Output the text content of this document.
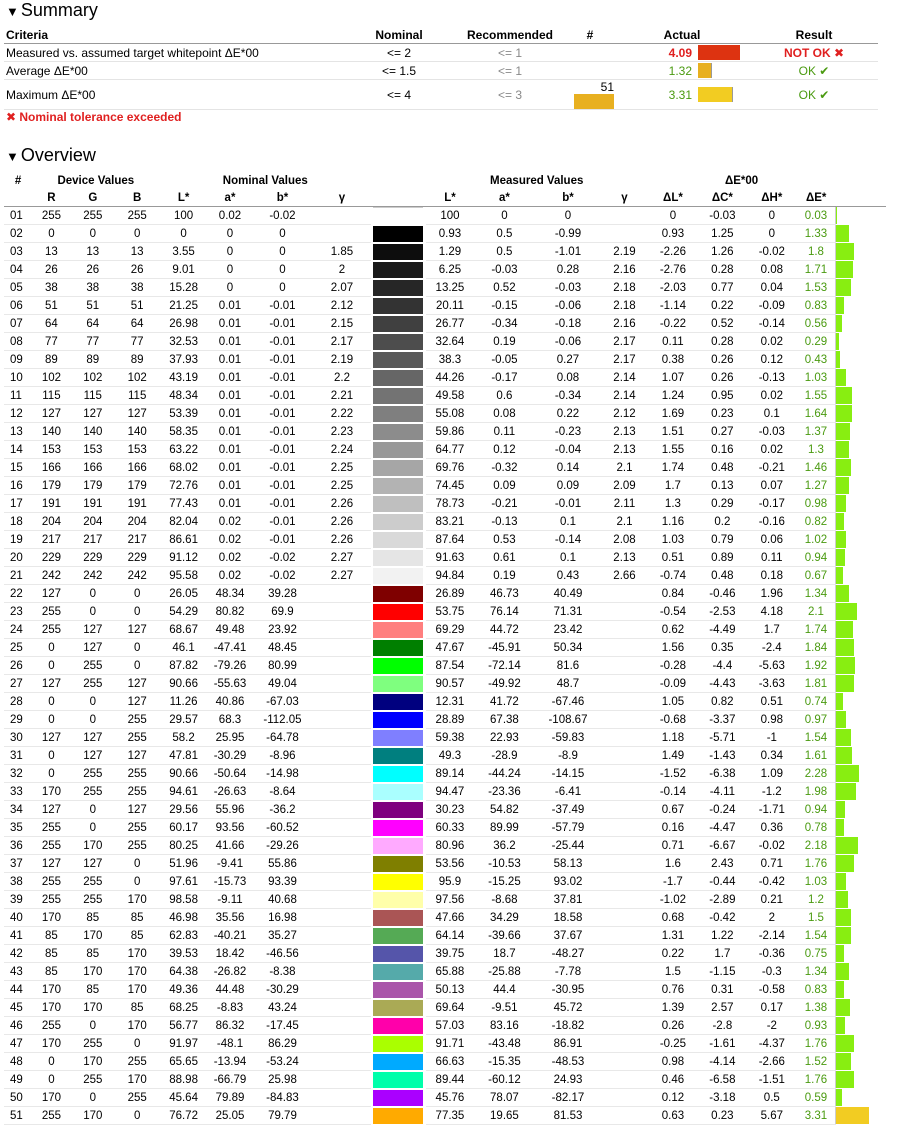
▼ Summary
Criteria	Nominal	Recommended	#	Actual		Result
Measured vs. assumed target whitepoint ΔE*00	<= 2	<= 1		4.09		NOT OK ✖
Average ΔE*00	<= 1.5	<= 1		1.32		OK ✔
Maximum ΔE*00	<= 4	<= 3	51	3.31		OK ✔
✖ Nominal tolerance exceeded
▼ Overview
#	Device Values			Nominal Values					Measured Values				ΔE*00				
	R	G	B	L*	a*	b*	γ		L*	a*	b*	γ	ΔL*	ΔC*	ΔH*	ΔE*	
01	255	255	255	100	0.02	-0.02			100	0	0		0	-0.03	0	0.03	
02	0	0	0	0	0	0			0.93	0.5	-0.99		0.93	1.25	0	1.33	
03	13	13	13	3.55	0	0	1.85		1.29	0.5	-1.01	2.19	-2.26	1.26	-0.02	1.8	
04	26	26	26	9.01	0	0	2		6.25	-0.03	0.28	2.16	-2.76	0.28	0.08	1.71	
05	38	38	38	15.28	0	0	2.07		13.25	0.52	-0.03	2.18	-2.03	0.77	0.04	1.53	
06	51	51	51	21.25	0.01	-0.01	2.12		20.11	-0.15	-0.06	2.18	-1.14	0.22	-0.09	0.83	
07	64	64	64	26.98	0.01	-0.01	2.15		26.77	-0.34	-0.18	2.16	-0.22	0.52	-0.14	0.56	
08	77	77	77	32.53	0.01	-0.01	2.17		32.64	0.19	-0.06	2.17	0.11	0.28	0.02	0.29	
09	89	89	89	37.93	0.01	-0.01	2.19		38.3	-0.05	0.27	2.17	0.38	0.26	0.12	0.43	
10	102	102	102	43.19	0.01	-0.01	2.2		44.26	-0.17	0.08	2.14	1.07	0.26	-0.13	1.03	
11	115	115	115	48.34	0.01	-0.01	2.21		49.58	0.6	-0.34	2.14	1.24	0.95	0.02	1.55	
12	127	127	127	53.39	0.01	-0.01	2.22		55.08	0.08	0.22	2.12	1.69	0.23	0.1	1.64	
13	140	140	140	58.35	0.01	-0.01	2.23		59.86	0.11	-0.23	2.13	1.51	0.27	-0.03	1.37	
14	153	153	153	63.22	0.01	-0.01	2.24		64.77	0.12	-0.04	2.13	1.55	0.16	0.02	1.3	
15	166	166	166	68.02	0.01	-0.01	2.25		69.76	-0.32	0.14	2.1	1.74	0.48	-0.21	1.46	
16	179	179	179	72.76	0.01	-0.01	2.25		74.45	0.09	0.09	2.09	1.7	0.13	0.07	1.27	
17	191	191	191	77.43	0.01	-0.01	2.26		78.73	-0.21	-0.01	2.11	1.3	0.29	-0.17	0.98	
18	204	204	204	82.04	0.02	-0.01	2.26		83.21	-0.13	0.1	2.1	1.16	0.2	-0.16	0.82	
19	217	217	217	86.61	0.02	-0.01	2.26		87.64	0.53	-0.14	2.08	1.03	0.79	0.06	1.02	
20	229	229	229	91.12	0.02	-0.02	2.27		91.63	0.61	0.1	2.13	0.51	0.89	0.11	0.94	
21	242	242	242	95.58	0.02	-0.02	2.27		94.84	0.19	0.43	2.66	-0.74	0.48	0.18	0.67	
22	127	0	0	26.05	48.34	39.28			26.89	46.73	40.49		0.84	-0.46	1.96	1.34	
23	255	0	0	54.29	80.82	69.9			53.75	76.14	71.31		-0.54	-2.53	4.18	2.1	
24	255	127	127	68.67	49.48	23.92			69.29	44.72	23.42		0.62	-4.49	1.7	1.74	
25	0	127	0	46.1	-47.41	48.45			47.67	-45.91	50.34		1.56	0.35	-2.4	1.84	
26	0	255	0	87.82	-79.26	80.99			87.54	-72.14	81.6		-0.28	-4.4	-5.63	1.92	
27	127	255	127	90.66	-55.63	49.04			90.57	-49.92	48.7		-0.09	-4.43	-3.63	1.81	
28	0	0	127	11.26	40.86	-67.03			12.31	41.72	-67.46		1.05	0.82	0.51	0.74	
29	0	0	255	29.57	68.3	-112.05			28.89	67.38	-108.67		-0.68	-3.37	0.98	0.97	
30	127	127	255	58.2	25.95	-64.78			59.38	22.93	-59.83		1.18	-5.71	-1	1.54	
31	0	127	127	47.81	-30.29	-8.96			49.3	-28.9	-8.9		1.49	-1.43	0.34	1.61	
32	0	255	255	90.66	-50.64	-14.98			89.14	-44.24	-14.15		-1.52	-6.38	1.09	2.28	
33	170	255	255	94.61	-26.63	-8.64			94.47	-23.36	-6.41		-0.14	-4.11	-1.2	1.98	
34	127	0	127	29.56	55.96	-36.2			30.23	54.82	-37.49		0.67	-0.24	-1.71	0.94	
35	255	0	255	60.17	93.56	-60.52			60.33	89.99	-57.79		0.16	-4.47	0.36	0.78	
36	255	170	255	80.25	41.66	-29.26			80.96	36.2	-25.44		0.71	-6.67	-0.02	2.18	
37	127	127	0	51.96	-9.41	55.86			53.56	-10.53	58.13		1.6	2.43	0.71	1.76	
38	255	255	0	97.61	-15.73	93.39			95.9	-15.25	93.02		-1.7	-0.44	-0.42	1.03	
39	255	255	170	98.58	-9.11	40.68			97.56	-8.68	37.81		-1.02	-2.89	0.21	1.2	
40	170	85	85	46.98	35.56	16.98			47.66	34.29	18.58		0.68	-0.42	2	1.5	
41	85	170	85	62.83	-40.21	35.27			64.14	-39.66	37.67		1.31	1.22	-2.14	1.54	
42	85	85	170	39.53	18.42	-46.56			39.75	18.7	-48.27		0.22	1.7	-0.36	0.75	
43	85	170	170	64.38	-26.82	-8.38			65.88	-25.88	-7.78		1.5	-1.15	-0.3	1.34	
44	170	85	170	49.36	44.48	-30.29			50.13	44.4	-30.95		0.76	0.31	-0.58	0.83	
45	170	170	85	68.25	-8.83	43.24			69.64	-9.51	45.72		1.39	2.57	0.17	1.38	
46	255	0	170	56.77	86.32	-17.45			57.03	83.16	-18.82		0.26	-2.8	-2	0.93	
47	170	255	0	91.97	-48.1	86.29			91.71	-43.48	86.91		-0.25	-1.61	-4.37	1.76	
48	0	170	255	65.65	-13.94	-53.24			66.63	-15.35	-48.53		0.98	-4.14	-2.66	1.52	
49	0	255	170	88.98	-66.79	25.98			89.44	-60.12	24.93		0.46	-6.58	-1.51	1.76	
50	170	0	255	45.64	79.89	-84.83			45.76	78.07	-82.17		0.12	-3.18	0.5	0.59	
51	255	170	0	76.72	25.05	79.79			77.35	19.65	81.53		0.63	0.23	5.67	3.31	
